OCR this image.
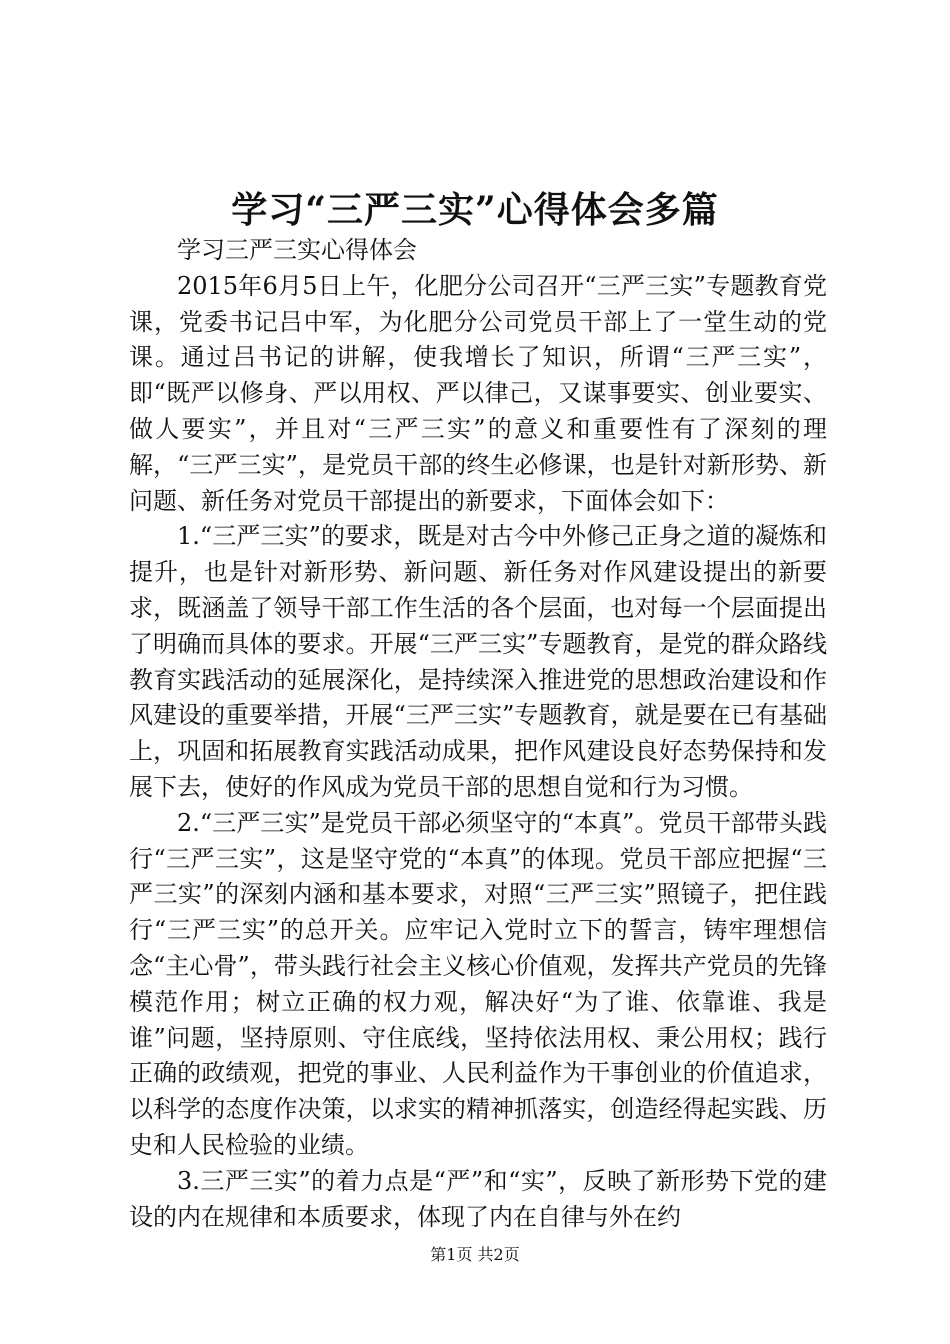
学习“三严三实”心得体会多篇

学习三严三实心得体会

2015年6月5日上午，化肥分公司召开“三严三实”专题教育党课，党委书记吕中军，为化肥分公司党员干部上了一堂生动的党课。通过吕书记的讲解，使我增长了知识，所谓“三严三实”，即“既严以修身、严以用权、严以律己，又谋事要实、创业要实、做人要实”，并且对“三严三实”的意义和重要性有了深刻的理解，“三严三实”，是党员干部的终生必修课，也是针对新形势、新问题、新任务对党员干部提出的新要求，下面体会如下：

1.“三严三实”的要求，既是对古今中外修己正身之道的凝炼和提升，也是针对新形势、新问题、新任务对作风建设提出的新要求，既涵盖了领导干部工作生活的各个层面，也对每一个层面提出了明确而具体的要求。开展“三严三实”专题教育，是党的群众路线教育实践活动的延展深化，是持续深入推进党的思想政治建设和作风建设的重要举措，开展“三严三实”专题教育，就是要在已有基础上，巩固和拓展教育实践活动成果，把作风建设良好态势保持和发展下去，使好的作风成为党员干部的思想自觉和行为习惯。

2.“三严三实”是党员干部必须坚守的“本真”。党员干部带头践行“三严三实”，这是坚守党的“本真”的体现。党员干部应把握“三严三实”的深刻内涵和基本要求，对照“三严三实”照镜子，把住践行“三严三实”的总开关。应牢记入党时立下的誓言，铸牢理想信念“主心骨”，带头践行社会主义核心价值观，发挥共产党员的先锋模范作用；树立正确的权力观，解决好“为了谁、依靠谁、我是谁”问题，坚持原则、守住底线，坚持依法用权、秉公用权；践行正确的政绩观，把党的事业、人民利益作为干事创业的价值追求，以科学的态度作决策，以求实的精神抓落实，创造经得起实践、历史和人民检验的业绩。

3.三严三实”的着力点是“严”和“实”，反映了新形势下党的建设的内在规律和本质要求，体现了内在自律与外在约

第1页 共2页
